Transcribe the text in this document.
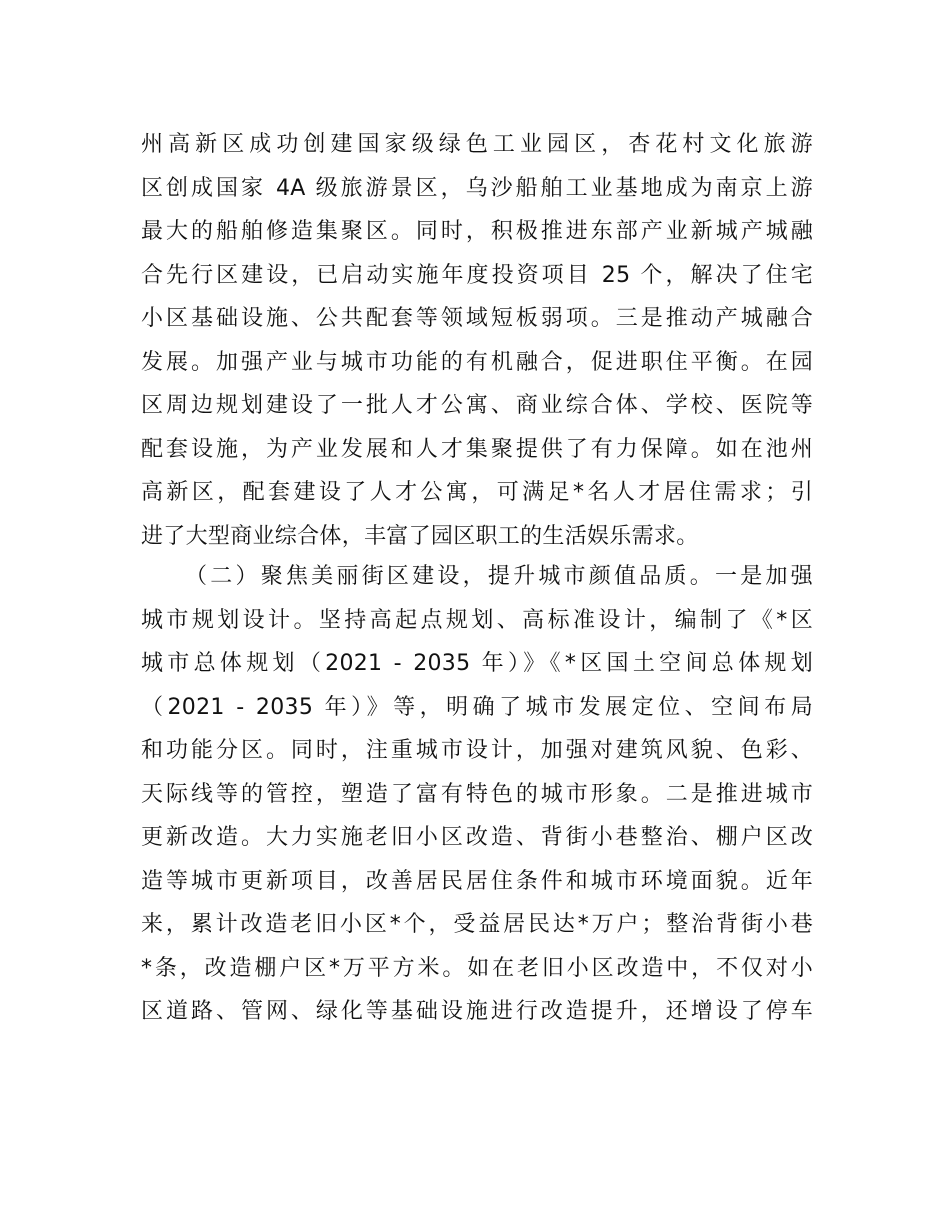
州高新区成功创建国家级绿色工业园区，杏花村文化旅游
区创成国家 4A 级旅游景区，乌沙船舶工业基地成为南京上游
最大的船舶修造集聚区。同时，积极推进东部产业新城产城融
合先行区建设，已启动实施年度投资项目 25 个，解决了住宅
小区基础设施、公共配套等领域短板弱项。三是推动产城融合
发展。加强产业与城市功能的有机融合，促进职住平衡。在园
区周边规划建设了一批人才公寓、商业综合体、学校、医院等
配套设施，为产业发展和人才集聚提供了有力保障。如在池州
高新区，配套建设了人才公寓，可满足*名人才居住需求；引
进了大型商业综合体，丰富了园区职工的生活娱乐需求。
（二）聚焦美丽街区建设，提升城市颜值品质。一是加强
城市规划设计。坚持高起点规划、高标准设计，编制了《*区
城市总体规划（2021 - 2035 年）》《*区国土空间总体规划
（2021 - 2035 年）》等，明确了城市发展定位、空间布局
和功能分区。同时，注重城市设计，加强对建筑风貌、色彩、
天际线等的管控，塑造了富有特色的城市形象。二是推进城市
更新改造。大力实施老旧小区改造、背街小巷整治、棚户区改
造等城市更新项目，改善居民居住条件和城市环境面貌。近年
来，累计改造老旧小区*个，受益居民达*万户；整治背街小巷
*条，改造棚户区*万平方米。如在老旧小区改造中，不仅对小
区道路、管网、绿化等基础设施进行改造提升，还增设了停车
